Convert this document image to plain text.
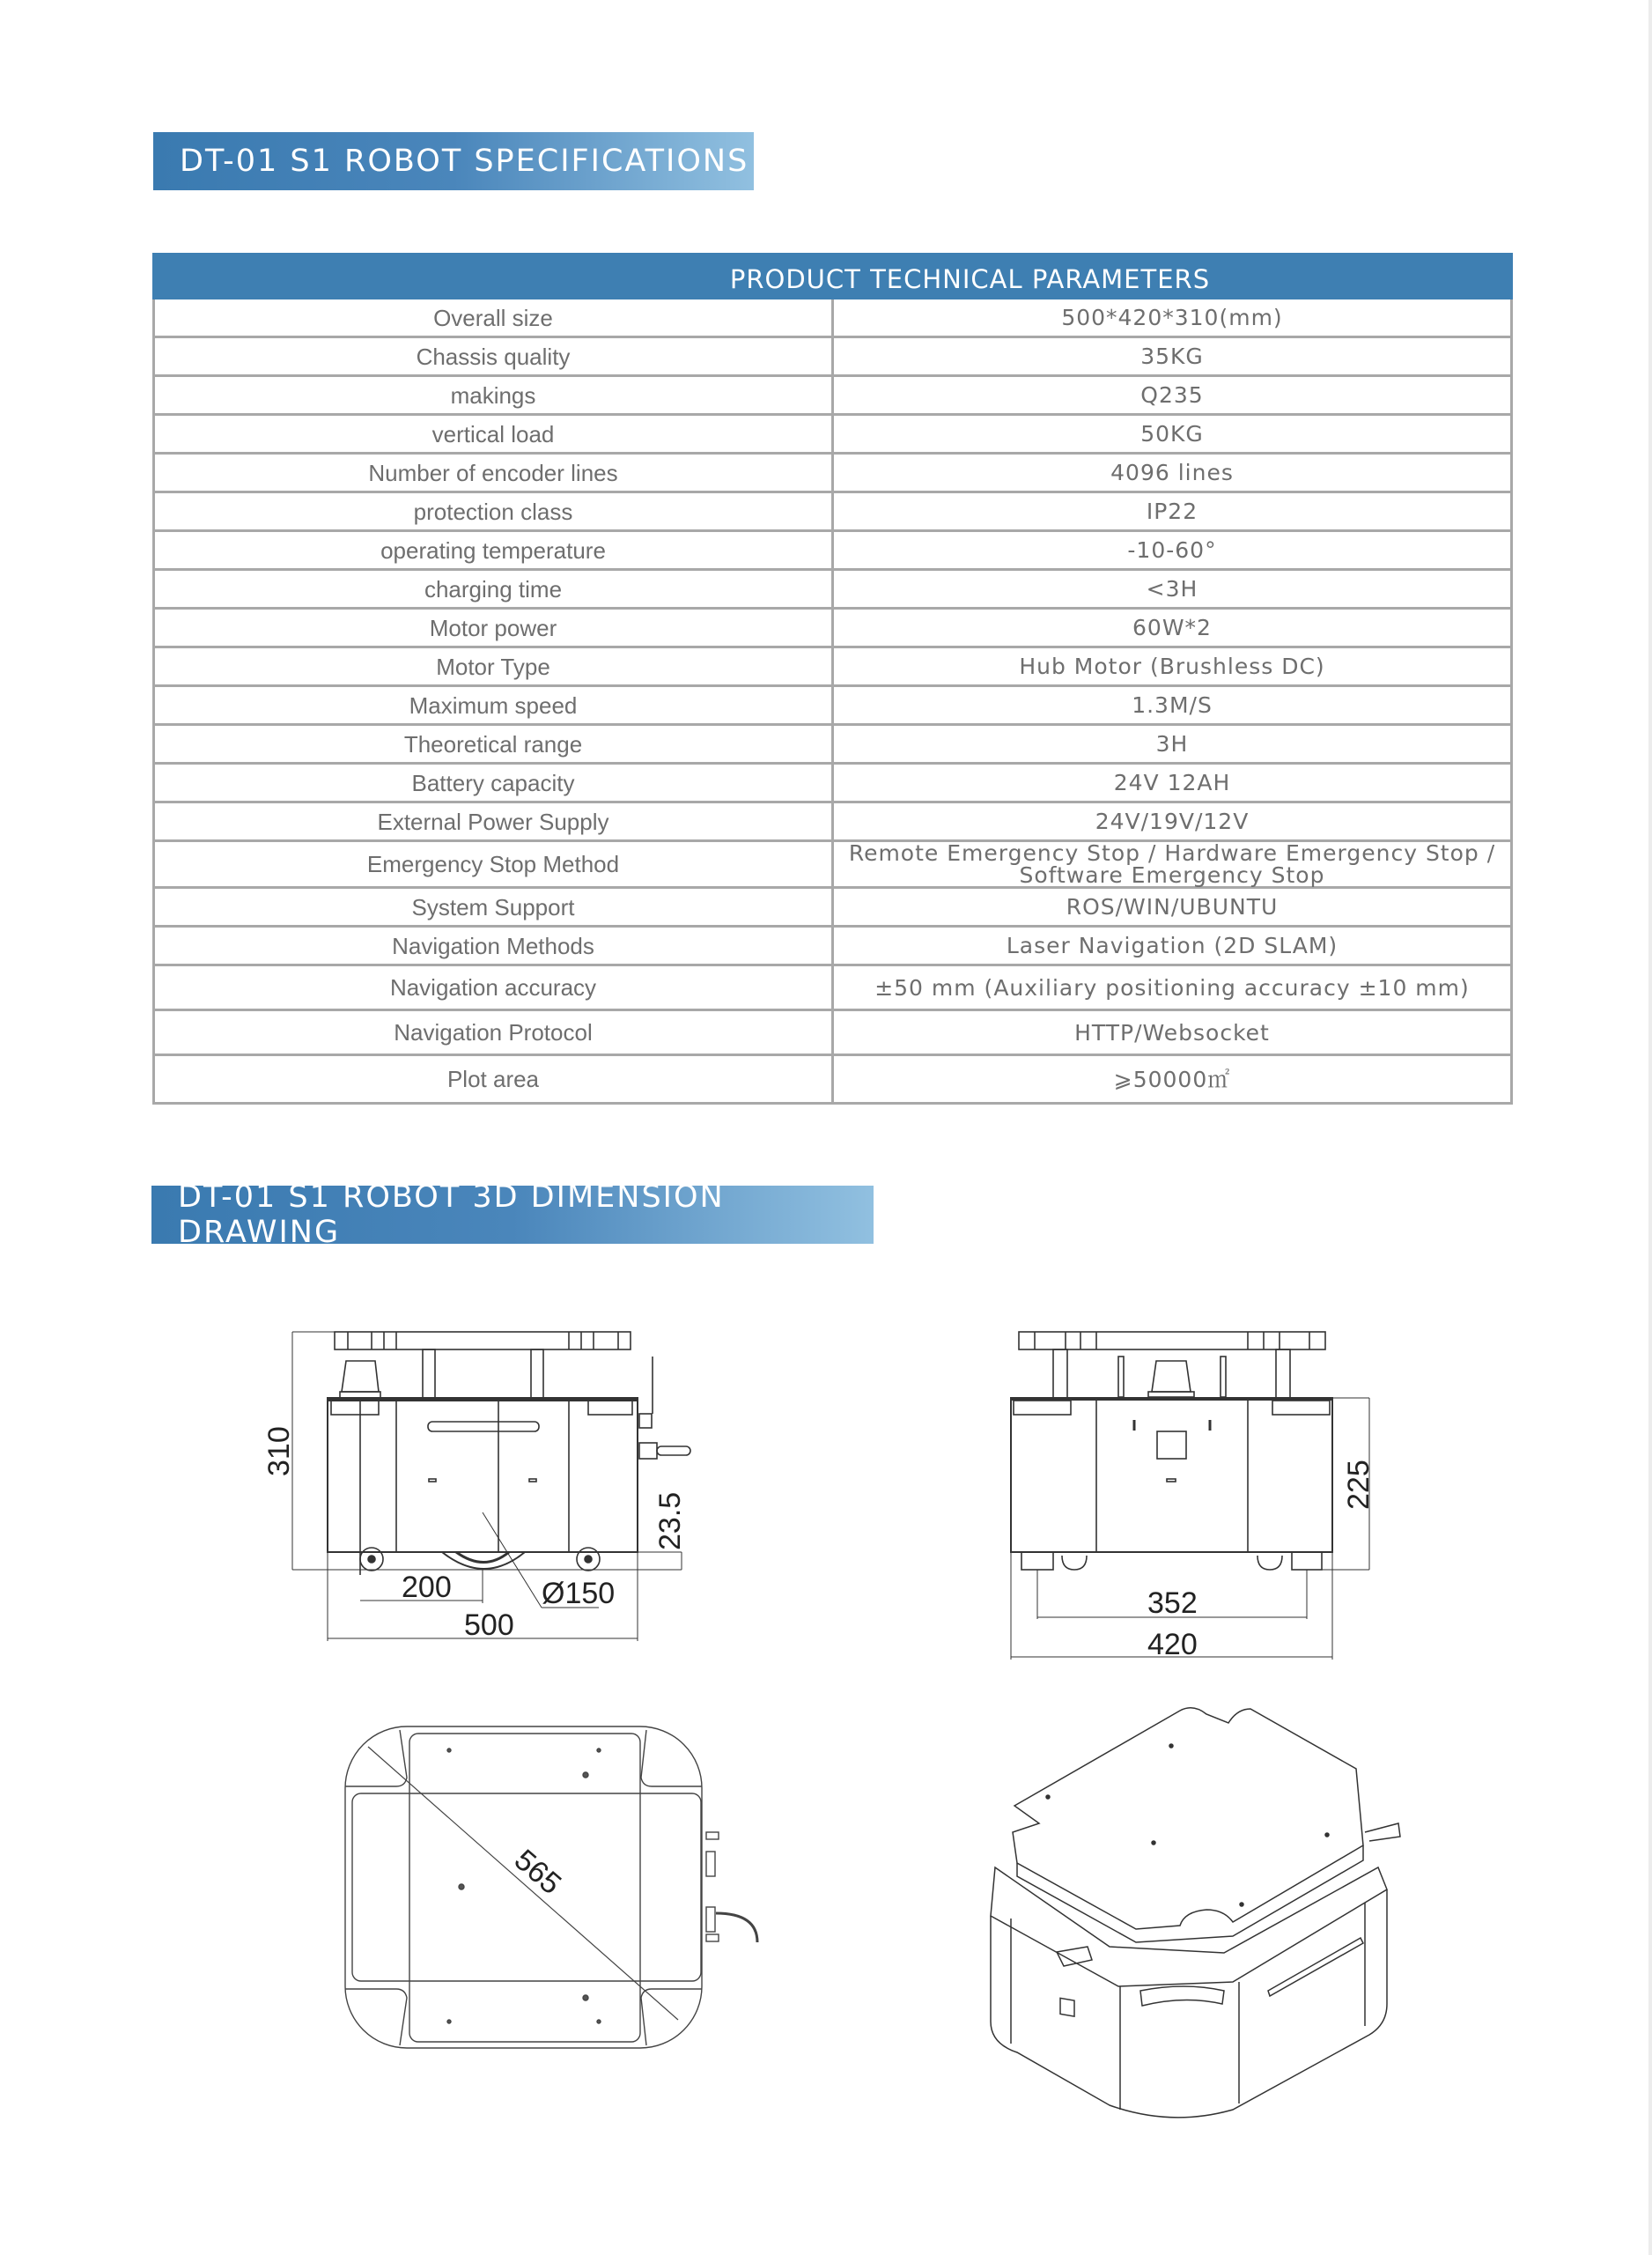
DT-01 S1 ROBOT SPECIFICATIONS
PRODUCT TECHNICAL PARAMETERS	
Overall size	500*420*310(mm)
Chassis quality	35KG
makings	Q235
vertical load	50KG
Number of encoder lines	4096 lines
protection class	IP22
operating temperature	-10-60°
charging time	<3H
Motor power	60W*2
Motor Type	Hub Motor (Brushless DC)
Maximum speed	1.3M/S
Theoretical range	3H
Battery capacity	24V 12AH
External Power Supply	24V/19V/12V
Emergency Stop Method	Remote Emergency Stop / Hardware Emergency Stop / Software Emergency Stop
System Support	ROS/WIN/UBUNTU
Navigation Methods	Laser Navigation (2D SLAM)
Navigation accuracy	±50 mm (Auxiliary positioning accuracy ±10 mm)
Navigation Protocol	HTTP/Websocket
Plot area	⩾50000㎡
DT-01 S1 ROBOT 3D DIMENSION DRAWING
310
200
500
Ø150
23.5
225
352
420
565
